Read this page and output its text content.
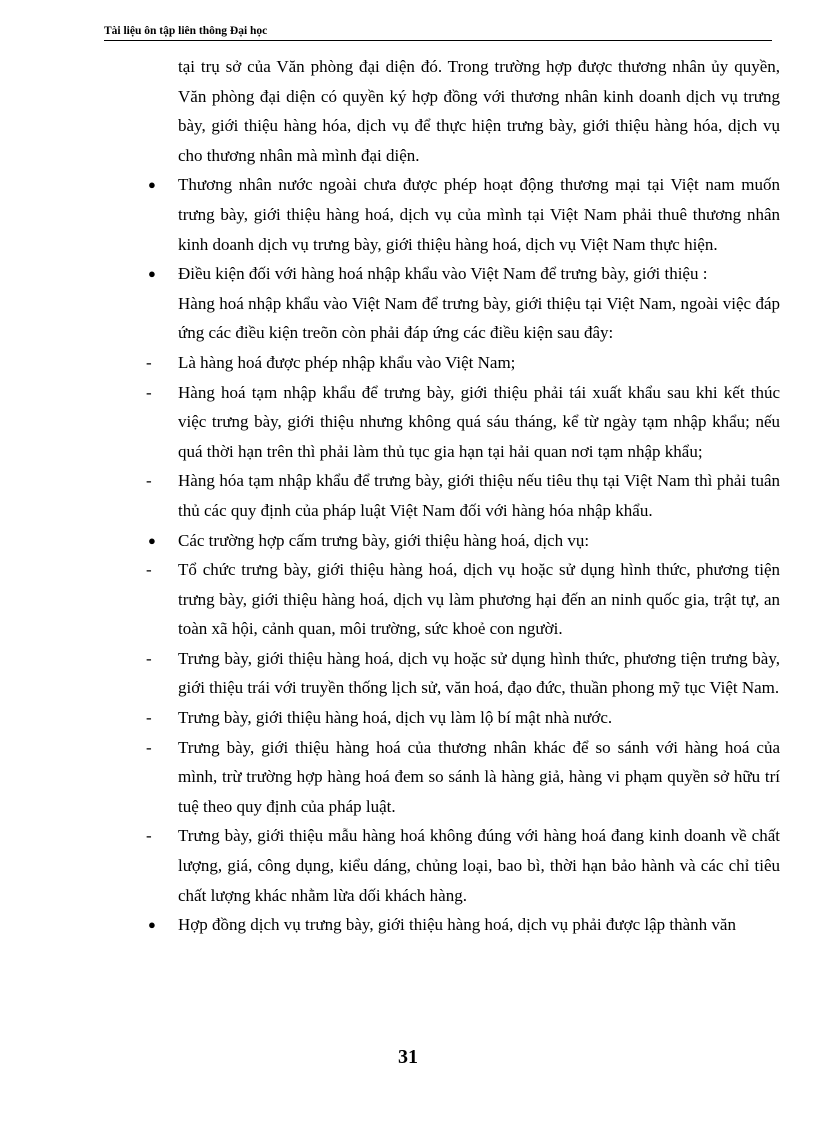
Tài liệu ôn tập liên thông Đại học
tại trụ sở của Văn phòng đại diện đó. Trong trường hợp được thương nhân ủy quyền, Văn phòng đại diện có quyền ký hợp đồng với thương nhân kinh doanh dịch vụ trưng bày, giới thiệu hàng hóa, dịch vụ để thực hiện trưng bày, giới thiệu hàng hóa, dịch vụ cho thương nhân mà mình đại diện.
●	Thương nhân nước ngoài chưa được phép hoạt động thương mại tại Việt nam muốn trưng bày, giới thiệu hàng hoá, dịch vụ của mình tại Việt Nam phải thuê thương nhân kinh doanh dịch vụ trưng bày, giới thiệu hàng hoá, dịch vụ Việt Nam thực hiện.
●	Điều kiện đối với hàng hoá nhập khẩu vào Việt Nam để trưng bày, giới thiệu :
Hàng hoá nhập khẩu vào Việt Nam để trưng bày, giới thiệu tại Việt Nam, ngoài việc đáp ứng các điều kiện treõn còn phải đáp ứng các điều kiện sau đây:
-	Là hàng hoá được phép nhập khẩu vào Việt Nam;
-	Hàng hoá tạm nhập khẩu để trưng bày, giới thiệu phải tái xuất khẩu sau khi kết thúc việc trưng bày, giới thiệu nhưng không quá sáu tháng, kể từ ngày tạm nhập khẩu; nếu quá thời hạn trên thì phải làm thủ tục gia hạn tại hải quan nơi tạm nhập khẩu;
-	Hàng hóa tạm nhập khẩu để trưng bày, giới thiệu nếu tiêu thụ tại Việt Nam thì phải tuân thủ các quy định của pháp luật Việt Nam đối với hàng hóa nhập khẩu.
●	Các trường hợp cấm trưng bày, giới thiệu hàng hoá, dịch vụ:
-	Tổ chức trưng bày, giới thiệu hàng hoá, dịch vụ hoặc sử dụng hình thức, phương tiện trưng bày, giới thiệu hàng hoá, dịch vụ làm phương hại đến an ninh quốc gia, trật tự, an toàn xã hội, cảnh quan, môi trường, sức khoẻ con người.
-	Trưng bày, giới thiệu hàng hoá, dịch vụ hoặc sử dụng hình thức, phương tiện trưng bày, giới thiệu trái với truyền thống lịch sử, văn hoá, đạo đức, thuần phong mỹ tục Việt Nam.
-	Trưng bày, giới thiệu hàng hoá, dịch vụ làm lộ bí mật nhà nước.
-	Trưng bày, giới thiệu hàng hoá của thương nhân khác để so sánh với hàng hoá của mình, trừ trường hợp hàng hoá đem so sánh là hàng giả, hàng vi phạm quyền sở hữu trí tuệ theo quy định của pháp luật.
-	Trưng bày, giới thiệu mẫu hàng hoá không đúng với hàng hoá đang kinh doanh về chất lượng, giá, công dụng, kiểu dáng, chủng loại, bao bì, thời hạn bảo hành và các chỉ tiêu chất lượng khác nhằm lừa dối khách hàng.
●	Hợp đồng dịch vụ trưng bày, giới thiệu hàng hoá, dịch vụ phải được lập thành văn
31
